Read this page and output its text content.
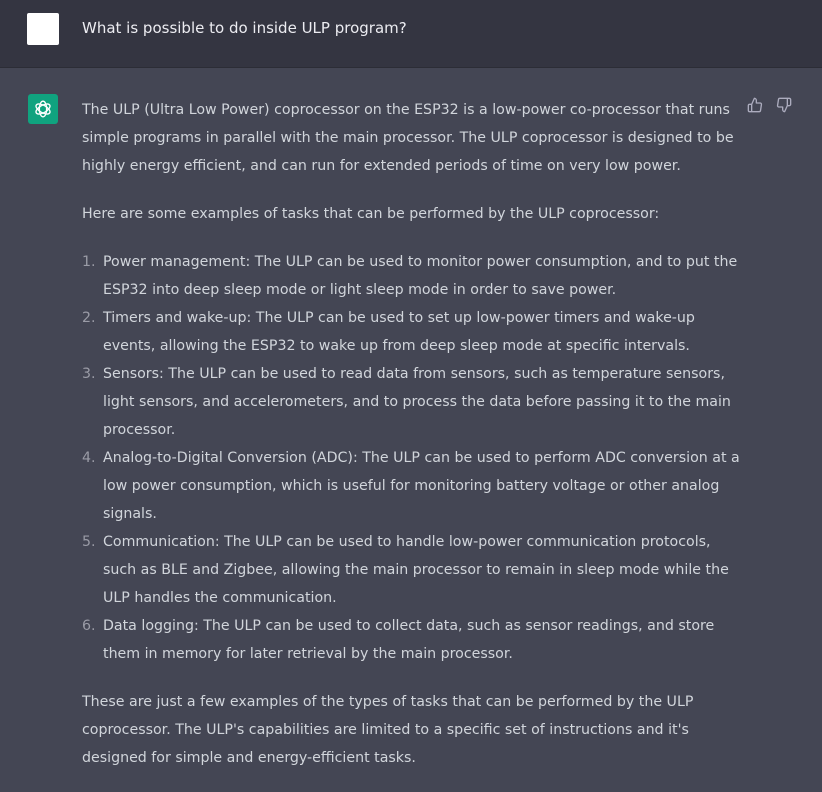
What is possible to do inside ULP program?

The ULP (Ultra Low Power) coprocessor on the ESP32 is a low-power co-processor that runs simple programs in parallel with the main processor. The ULP coprocessor is designed to be highly energy efficient, and can run for extended periods of time on very low power.

Here are some examples of tasks that can be performed by the ULP coprocessor:

1. Power management: The ULP can be used to monitor power consumption, and to put the ESP32 into deep sleep mode or light sleep mode in order to save power.
2. Timers and wake-up: The ULP can be used to set up low-power timers and wake-up events, allowing the ESP32 to wake up from deep sleep mode at specific intervals.
3. Sensors: The ULP can be used to read data from sensors, such as temperature sensors, light sensors, and accelerometers, and to process the data before passing it to the main processor.
4. Analog-to-Digital Conversion (ADC): The ULP can be used to perform ADC conversion at a low power consumption, which is useful for monitoring battery voltage or other analog signals.
5. Communication: The ULP can be used to handle low-power communication protocols, such as BLE and Zigbee, allowing the main processor to remain in sleep mode while the ULP handles the communication.
6. Data logging: The ULP can be used to collect data, such as sensor readings, and store them in memory for later retrieval by the main processor.

These are just a few examples of the types of tasks that can be performed by the ULP coprocessor. The ULP's capabilities are limited to a specific set of instructions and it's designed for simple and energy-efficient tasks.
